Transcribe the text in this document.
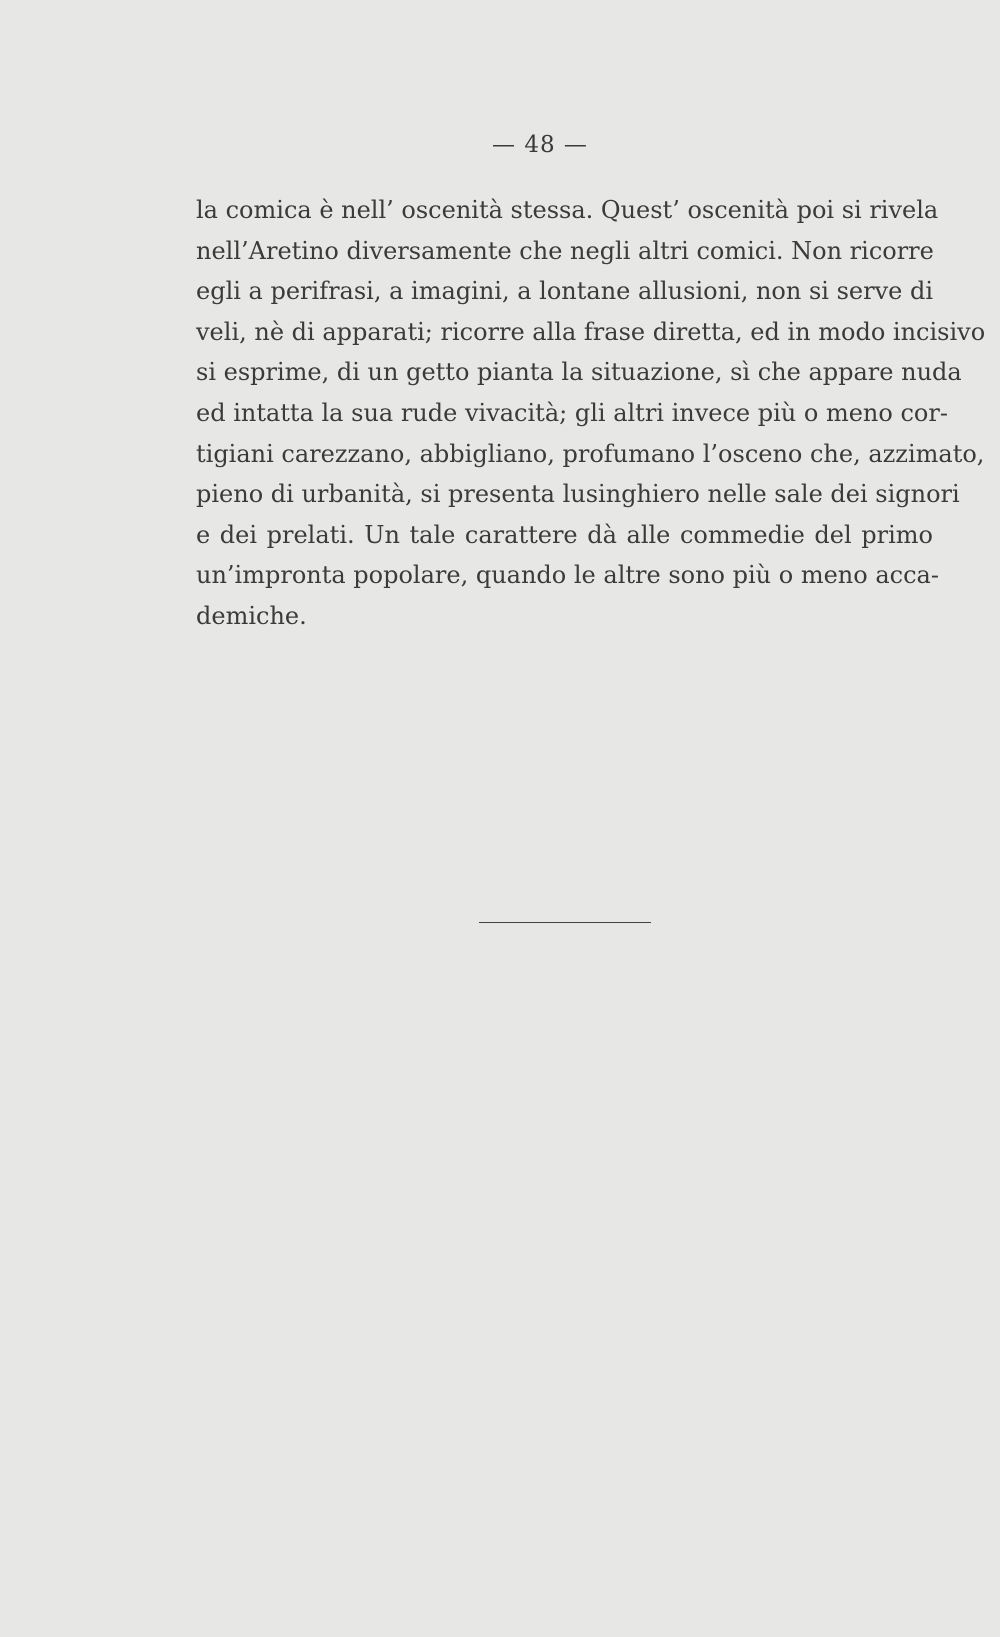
— 48 —
la comica è nell’ oscenità stessa. Quest’ oscenità poi si rivela
nell’Aretino diversamente che negli altri comici. Non ricorre
egli a perifrasi, a imagini, a lontane allusioni, non si serve di
veli, nè di apparati; ricorre alla frase diretta, ed in modo incisivo
si esprime, di un getto pianta la situazione, sì che appare nuda
ed intatta la sua rude vivacità; gli altri invece più o meno cor-
tigiani carezzano, abbigliano, profumano l’osceno che, azzimato,
pieno di urbanità, si presenta lusinghiero nelle sale dei signori
e dei prelati. Un tale carattere dà alle commedie del primo
un’impronta popolare, quando le altre sono più o meno acca-
demiche.
